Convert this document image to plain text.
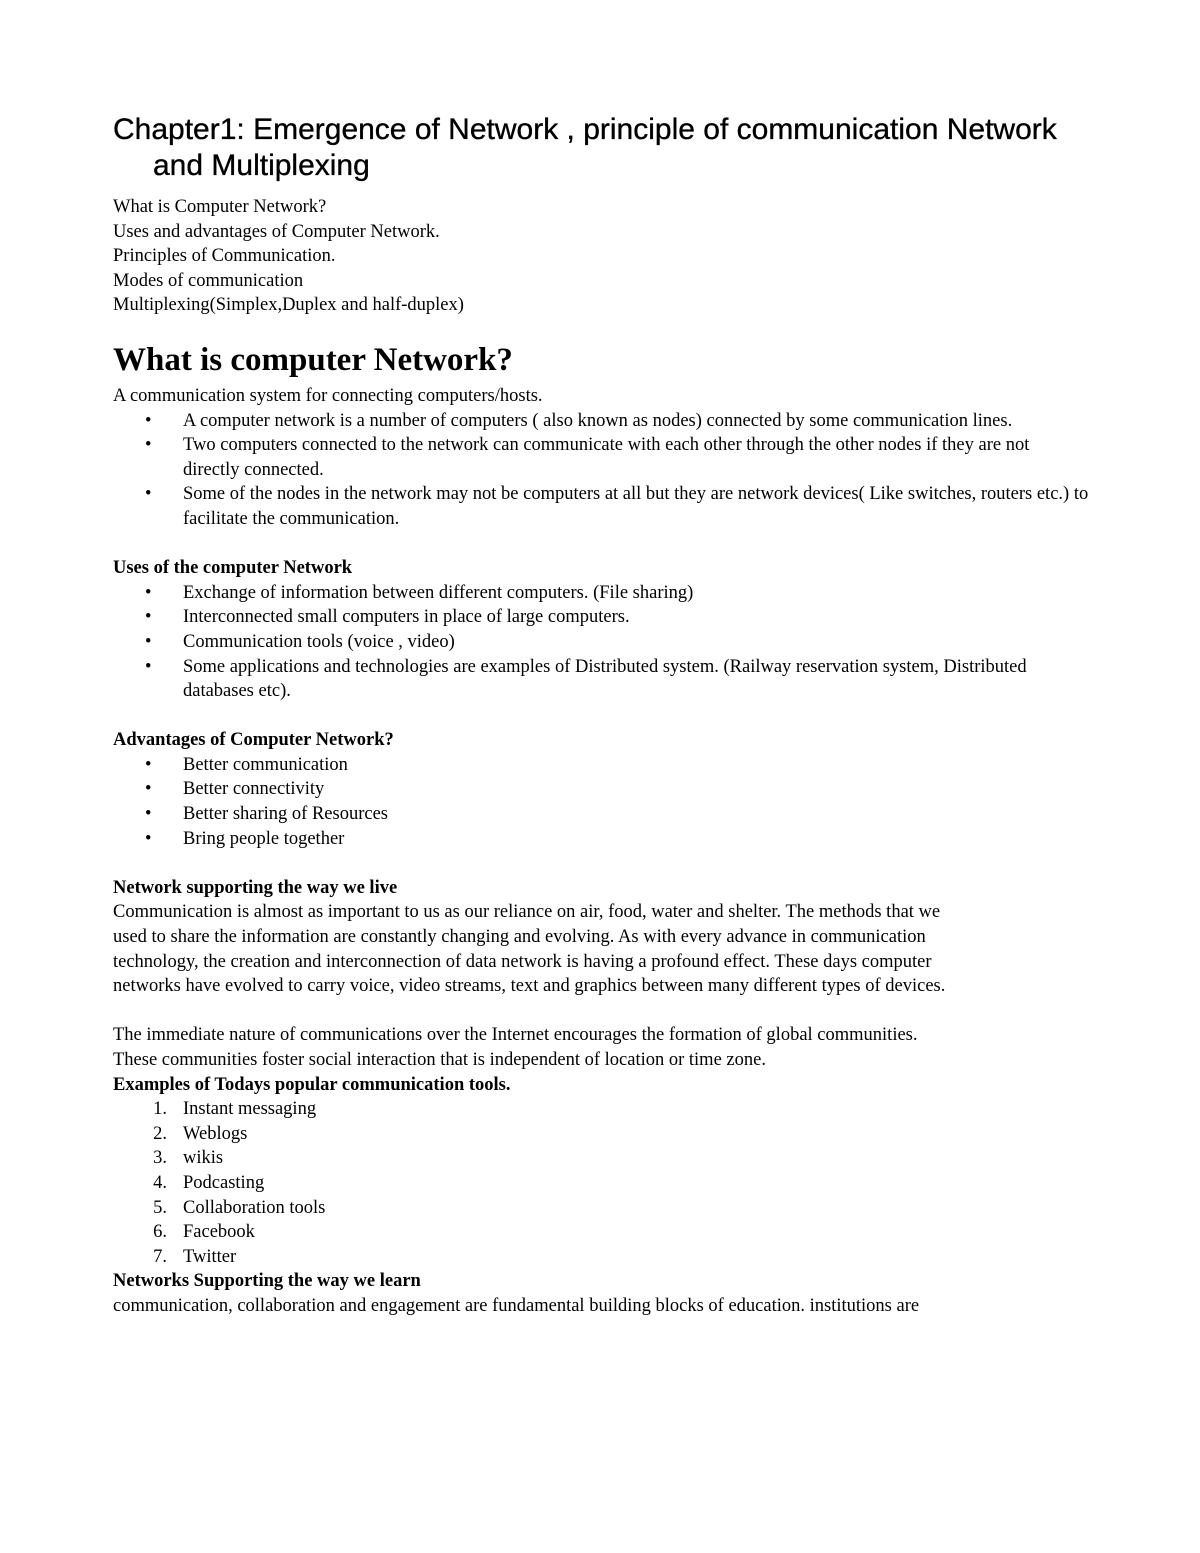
Chapter1: Emergence of Network , principle of communication Network and Multiplexing

What is Computer Network?

Uses and advantages of Computer Network.

Principles of Communication.

Modes of communication

Multiplexing(Simplex,Duplex and half-duplex)

What is computer Network?

A communication system for connecting computers/hosts.

•	A computer network is a number of computers ( also known as nodes) connected by some communication lines.
•	Two computers connected to the network can communicate with each other through the other nodes if they are not directly connected.
•	Some of the nodes in the network may not be computers at all but they are network devices( Like switches, routers etc.) to facilitate the communication.

Uses of the computer Network

•	Exchange of information between different computers. (File sharing)
•	Interconnected small computers in place of large computers.
•	Communication tools (voice , video)
•	Some applications and technologies are examples of Distributed system. (Railway reservation system, Distributed databases etc).

Advantages of Computer Network?

•	Better communication
•	Better connectivity
•	Better sharing of Resources
•	Bring people together

Network supporting the way we live

Communication is almost as important to us as our reliance on air, food, water and shelter. The methods that we

used to share the information are constantly changing and evolving. As with every advance in communication

technology, the creation and interconnection of data network is having a profound effect. These days computer

networks have evolved to carry voice, video streams, text and graphics between many different types of devices.

The immediate nature of communications over the Internet encourages the formation of global communities.

These communities foster social interaction that is independent of location or time zone.

Examples of Todays popular communication tools.

1. Instant messaging
2. Weblogs
3. wikis
4. Podcasting
5. Collaboration tools
6. Facebook
7. Twitter

Networks Supporting the way we learn

communication, collaboration and engagement are fundamental building blocks of education. institutions are
